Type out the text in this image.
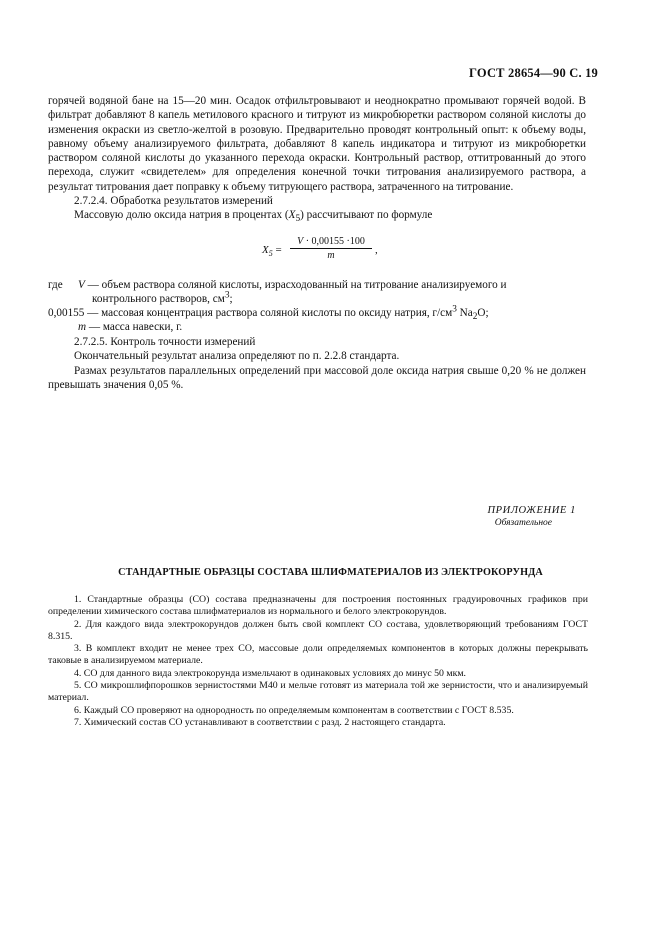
ГОСТ 28654—90 С. 19

горячей водяной бане на 15—20 мин. Осадок отфильтровывают и неоднократно промывают горячей водой. В фильтрат добавляют 8 капель метилового красного и титруют из микробюретки раствором соляной кислоты до изменения окраски из светло-желтой в розовую. Предварительно проводят контрольный опыт: к объему воды, равному объему анализируемого фильтрата, добавляют 8 капель индикатора и титруют из микробюретки раствором соляной кислоты до указанного перехода окраски. Контрольный раствор, оттитрованный до этого перехода, служит «свидетелем» для определения конечной точки титрования анализируемого раствора, а результат титрования дает поправку к объему титрующего раствора, затраченного на титрование.

2.7.2.4. Обработка результатов измерений

Массовую долю оксида натрия в процентах $(X_5)$ рассчитывают по формуле

$X_5 = \frac{V \cdot 0,00155 \cdot 100}{m}$ ,
где V — объем раствора соляной кислоты, израсходованный на титрование анализируемого и
контрольного растворов, $см^3$;
0,00155 — массовая концентрация раствора соляной кислоты по оксиду натрия, $г/см^3$ $Na_2O$;
m — масса навески, г.

2.7.2.5. Контроль точности измерений

Окончательный результат анализа определяют по п. 2.2.8 стандарта.

Размах результатов параллельных определений при массовой доле оксида натрия свыше 0,20 % не должен превышать значения 0,05 %.

ПРИЛОЖЕНИЕ 1
Обязательное
СТАНДАРТНЫЕ ОБРАЗЦЫ СОСТАВА ШЛИФМАТЕРИАЛОВ ИЗ ЭЛЕКТРОКОРУНДА

1. Стандартные образцы (СО) состава предназначены для построения постоянных градуировочных графиков при определении химического состава шлифматериалов из нормального и белого электрокорундов.

2. Для каждого вида электрокорундов должен быть свой комплект СО состава, удовлетворяющий требованиям ГОСТ 8.315.

3. В комплект входит не менее трех СО, массовые доли определяемых компонентов в которых должны перекрывать таковые в анализируемом материале.

4. СО для данного вида электрокорунда измельчают в одинаковых условиях до минус 50 мкм.

5. СО микрошлифпорошков зернистостями М40 и мельче готовят из материала той же зернистости, что и анализируемый материал.

6. Каждый СО проверяют на однородность по определяемым компонентам в соответствии с ГОСТ 8.535.

7. Химический состав СО устанавливают в соответствии с разд. 2 настоящего стандарта.
